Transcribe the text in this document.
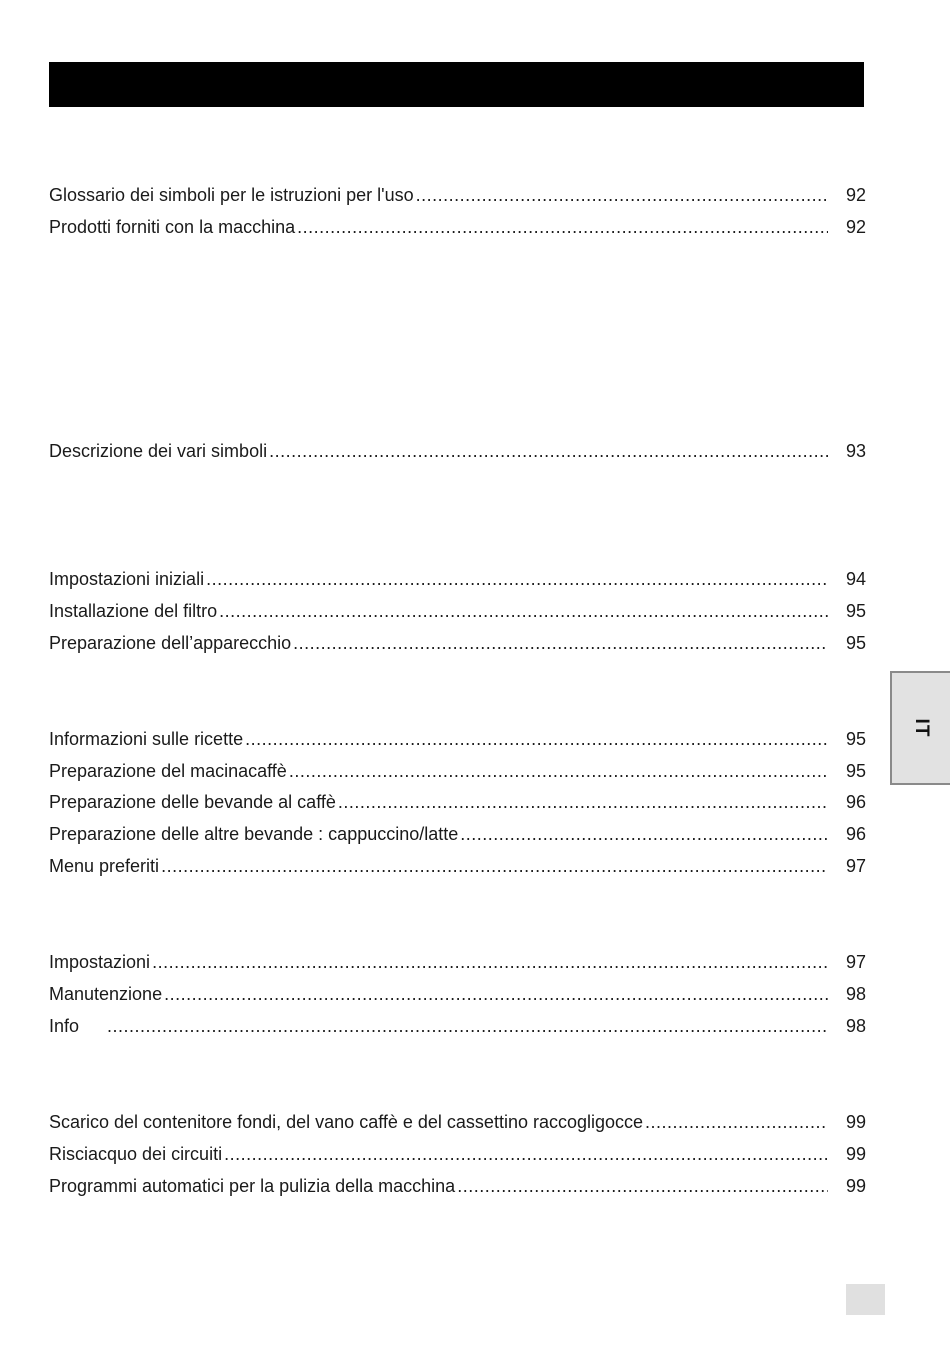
Glossario dei simboli per le istruzioni per l'uso .....	92
Prodotti forniti con la macchina .....	92
Descrizione dei vari simboli .....	93
Impostazioni iniziali .....	94
Installazione del filtro .....	95
Preparazione dell’apparecchio .....	95
Informazioni sulle ricette .....	95
Preparazione del macinacaffè .....	95
Preparazione delle bevande al caffè .....	96
Preparazione delle altre bevande : cappuccino/latte .....	96
Menu preferiti .....	97
Impostazioni .....	97
Manutenzione .....	98
Info .....	98
Scarico del contenitore fondi, del vano caffè e del cassettino raccogligocce .....	99
Risciacquo dei circuiti .....	99
Programmi automatici per la pulizia della macchina .....	99
IT
